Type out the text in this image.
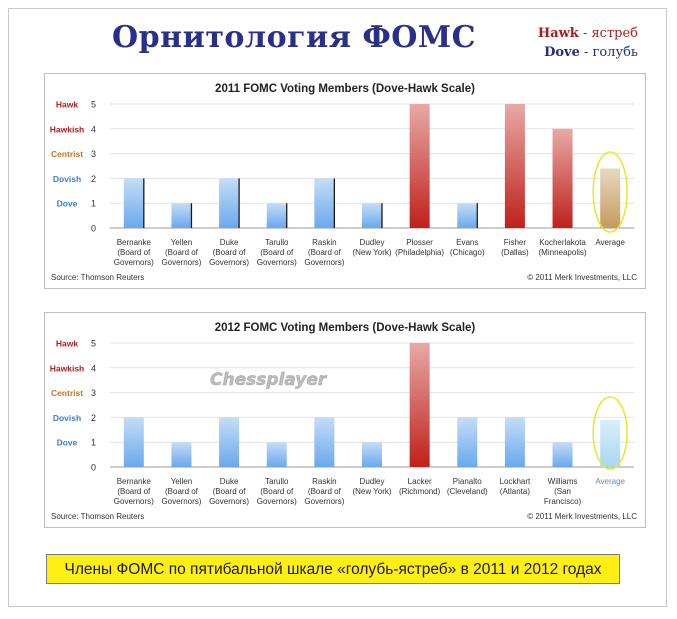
Орнитология ФОМС	Hawk - ястреб
Dove - голубь
2011 FOMC Voting Members (Dove-Hawk Scale)
0
1
Dove
2
Dovish
3
Centrist
4
Hawkish
5
Hawk
Bernanke
(Board of
Governors)
Yellen
(Board of
Governors)
Duke
(Board of
Governors)
Tarullo
(Board of
Governors)
Raskin
(Board of
Governors)
Dudley
(New York)
Plosser
(Philadelphia)
Evans
(Chicago)
Fisher
(Dallas)
Kocherlakota
(Minneapolis)
Average
Source: Thomson Reuters	© 2011 Merk Investments, LLC
2012 FOMC Voting Members (Dove-Hawk Scale)
0
1
Dove
2
Dovish
3
Centrist
4
Hawkish
5
Hawk
Bernanke
(Board of
Governors)
Yellen
(Board of
Governors)
Duke
(Board of
Governors)
Tarullo
(Board of
Governors)
Raskin
(Board of
Governors)
Dudley
(New York)
Lacker
(Richmond)
Pianalto
(Cleveland)
Lockhart
(Atlanta)
Williams
(San
Francisco)
Average
Chessplayer
Source: Thomson Reuters	© 2011 Merk Investments, LLC
Члены ФОМС по пятибальной шкале «голубь-ястреб» в 2011 и 2012 годах
